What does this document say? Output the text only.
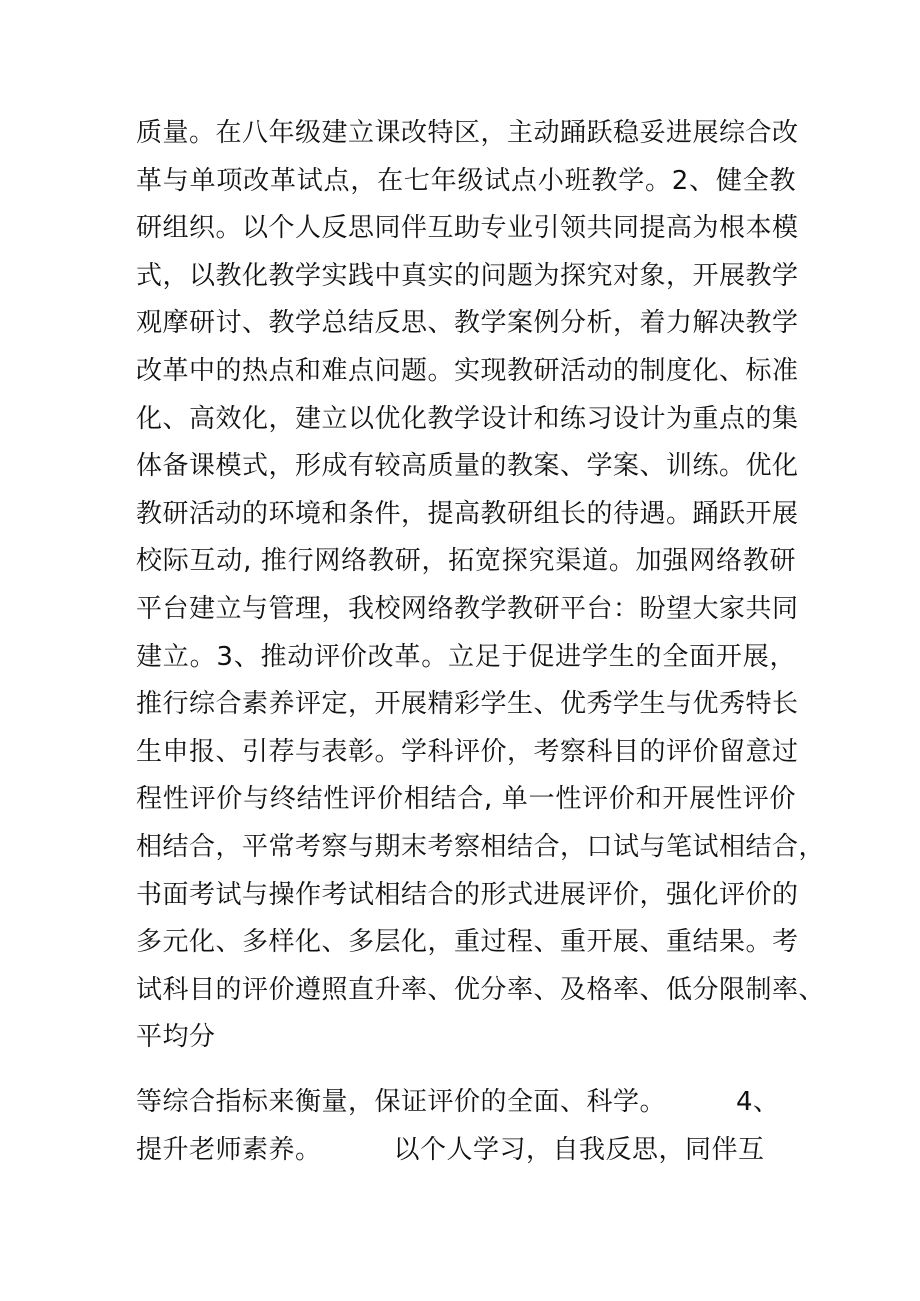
质量。在八年级建立课改特区，主动踊跃稳妥进展综合改
革与单项改革试点，在七年级试点小班教学。2、健全教
研组织。以个人反思同伴互助专业引领共同提高为根本模
式，以教化教学实践中真实的问题为探究对象，开展教学
观摩研讨、教学总结反思、教学案例分析，着力解决教学
改革中的热点和难点问题。实现教研活动的制度化、标准
化、高效化，建立以优化教学设计和练习设计为重点的集
体备课模式，形成有较高质量的教案、学案、训练。优化
教研活动的环境和条件，提高教研组长的待遇。踊跃开展
校际互动, 推行网络教研，拓宽探究渠道。加强网络教研
平台建立与管理，我校网络教学教研平台：盼望大家共同
建立。3、推动评价改革。立足于促进学生的全面开展，
推行综合素养评定，开展精彩学生、优秀学生与优秀特长
生申报、引荐与表彰。学科评价，考察科目的评价留意过
程性评价与终结性评价相结合, 单一性评价和开展性评价
相结合，平常考察与期末考察相结合，口试与笔试相结合，
书面考试与操作考试相结合的形式进展评价，强化评价的
多元化、多样化、多层化，重过程、重开展、重结果。考
试科目的评价遵照直升率、优分率、及格率、低分限制率、
平均分
等综合指标来衡量，保证评价的全面、科学。	4、
提升老师素养。	以个人学习，自我反思，同伴互
